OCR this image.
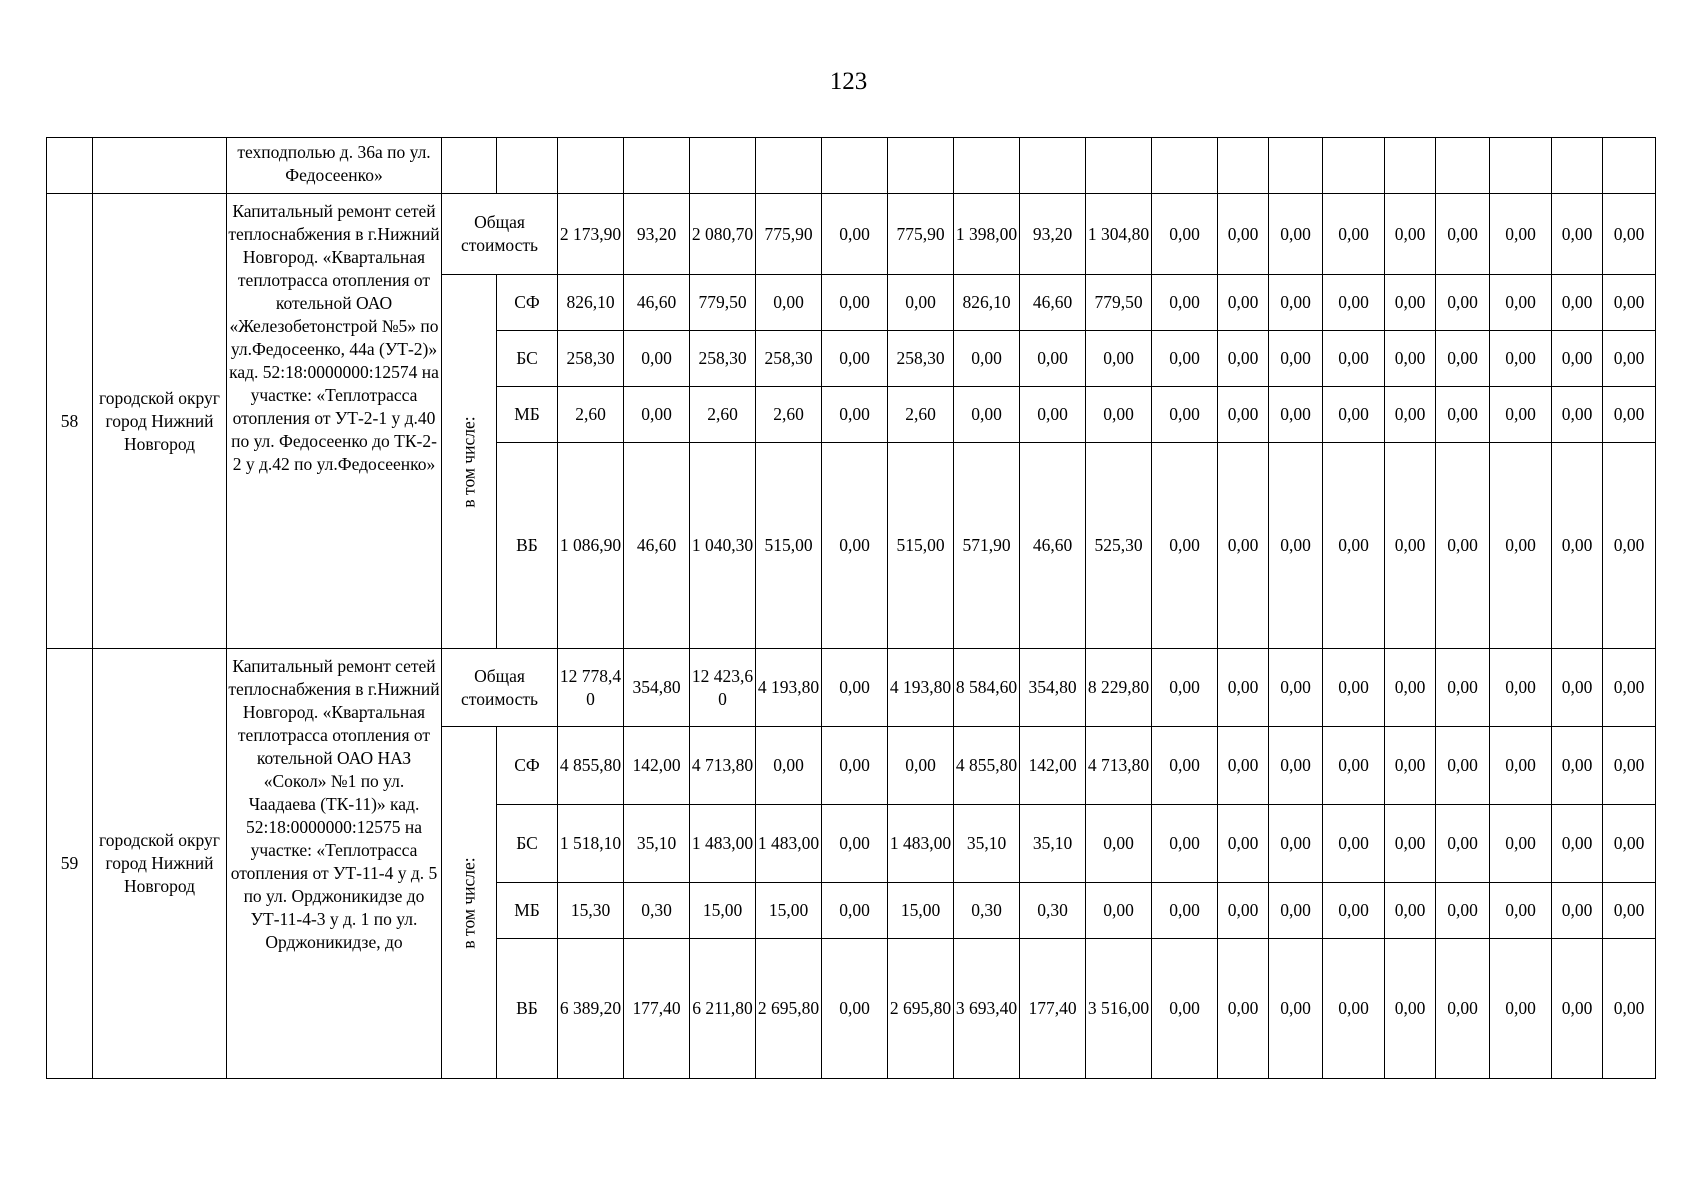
123
		техподполью д. 36а по ул. Федосеенко»																				
58	городской округ город Нижний Новгород	Капитальный ремонт сетей теплоснабжения в г.Нижний Новгород. «Квартальная теплотрасса отопления от котельной ОАО «Железобетонстрой №5» по ул.Федосеенко, 44а (УТ-2)» кад. 52:18:0000000:12574 на участке: «Теплотрасса отопления от УТ-2-1 у д.40 по ул. Федосеенко до ТК-2-2 у д.42 по ул.Федосеенко»	Общая стоимость		2 173,90	93,20	2 080,70	775,90	0,00	775,90	1 398,00	93,20	1 304,80	0,00	0,00	0,00	0,00	0,00	0,00	0,00	0,00	0,00

			в том числе:	СФ	826,10	46,60	779,50	0,00	0,00	0,00	826,10	46,60	779,50	0,00	0,00	0,00	0,00	0,00	0,00	0,00	0,00	0,00
				БС	258,30	0,00	258,30	258,30	0,00	258,30	0,00	0,00	0,00	0,00	0,00	0,00	0,00	0,00	0,00	0,00	0,00	0,00
				МБ	2,60	0,00	2,60	2,60	0,00	2,60	0,00	0,00	0,00	0,00	0,00	0,00	0,00	0,00	0,00	0,00	0,00	0,00
				ВБ	1 086,90	46,60	1 040,30	515,00	0,00	515,00	571,90	46,60	525,30	0,00	0,00	0,00	0,00	0,00	0,00	0,00	0,00	0,00
59	городской округ город Нижний Новгород	Капитальный ремонт сетей теплоснабжения в г.Нижний Новгород. «Квартальная теплотрасса отопления от котельной ОАО НАЗ «Сокол» №1 по ул. Чаадаева (ТК-11)» кад. 52:18:0000000:12575 на участке: «Теплотрасса отопления от УТ-11-4 у д. 5 по ул. Орджоникидзе до УТ-11-4-3 у д. 1 по ул. Орджоникидзе, до	Общая стоимость		12 778,40	354,80	12 423,60	4 193,80	0,00	4 193,80	8 584,60	354,80	8 229,80	0,00	0,00	0,00	0,00	0,00	0,00	0,00	0,00	0,00

			в том числе:	СФ	4 855,80	142,00	4 713,80	0,00	0,00	0,00	4 855,80	142,00	4 713,80	0,00	0,00	0,00	0,00	0,00	0,00	0,00	0,00	0,00
				БС	1 518,10	35,10	1 483,00	1 483,00	0,00	1 483,00	35,10	35,10	0,00	0,00	0,00	0,00	0,00	0,00	0,00	0,00	0,00	0,00
				МБ	15,30	0,30	15,00	15,00	0,00	15,00	0,30	0,30	0,00	0,00	0,00	0,00	0,00	0,00	0,00	0,00	0,00	0,00
				ВБ	6 389,20	177,40	6 211,80	2 695,80	0,00	2 695,80	3 693,40	177,40	3 516,00	0,00	0,00	0,00	0,00	0,00	0,00	0,00	0,00	0,00
